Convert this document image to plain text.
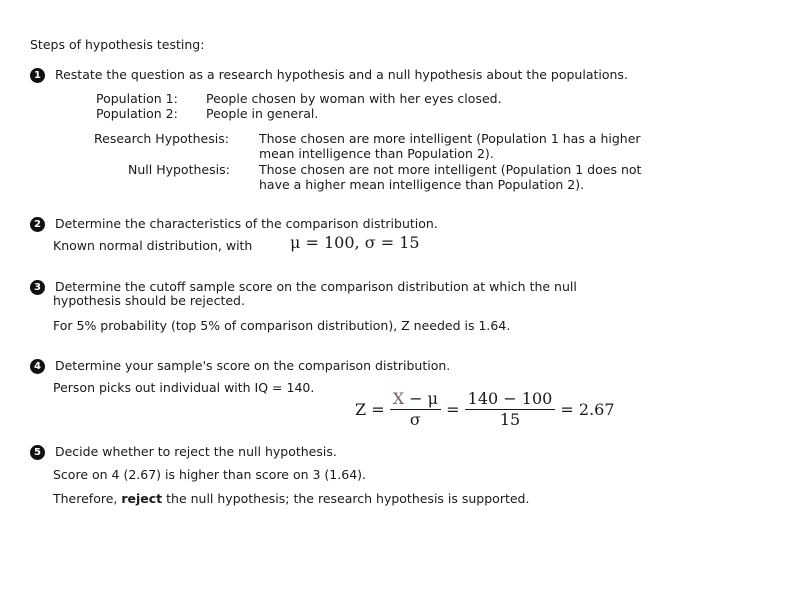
Steps of hypothesis testing:
1 Restate the question as a research hypothesis and a null hypothesis about the populations.
Population 1: People chosen by woman with her eyes closed.
Population 2: People in general.
Research Hypothesis: Those chosen are more intelligent (Population 1 has a higher
mean intelligence than Population 2).
Null Hypothesis: Those chosen are not more intelligent (Population 1 does not
have a higher mean intelligence than Population 2).
2 Determine the characteristics of the comparison distribution.
Known normal distribution, with μ = 100, σ = 15
3 Determine the cutoff sample score on the comparison distribution at which the null
hypothesis should be rejected.
For 5% probability (top 5% of comparison distribution), Z needed is 1.64.
4 Determine your sample's score on the comparison distribution.
Person picks out individual with IQ = 140.
$Z = \frac{X - \mu}{\sigma} = \frac{140 - 100}{15} = 2.67$
5 Decide whether to reject the null hypothesis.
Score on 4 (2.67) is higher than score on 3 (1.64).
Therefore, reject the null hypothesis; the research hypothesis is supported.
